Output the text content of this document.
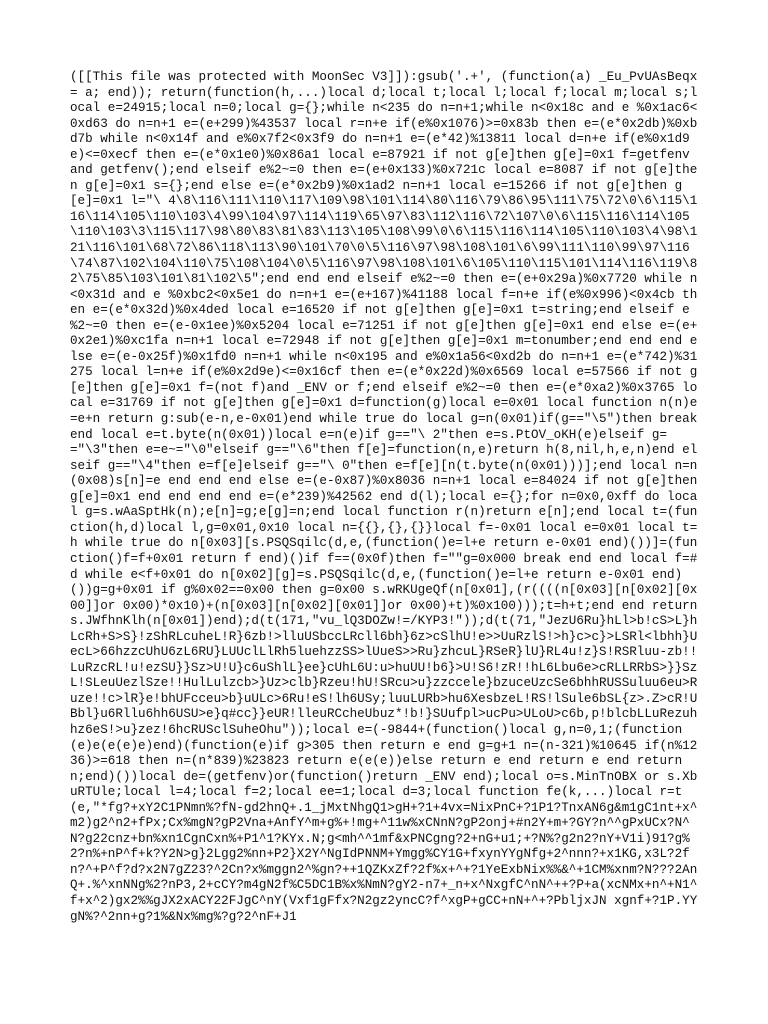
([[This file was protected with MoonSec V3]]):gsub('.+', (function(a) _Eu_PvUAsBeqx = a; end)); return(function(h,...)local d;local t;local l;local f;local m;local s;local e=24915;local n=0;local g={};while n<235 do n=n+1;while n<0x18c and e %0x1ac6<0xd63 do n=n+1 e=(e+299)%43537 local r=n+e if(e%0x1076)>=0x83b then e=(e*0x2db)%0xbd7b while n<0x14f and e%0x7f2<0x3f9 do n=n+1 e=(e*42)%13811 local d=n+e if(e%0x1d9e)<=0xecf then e=(e*0x1e0)%0x86a1 local e=87921 if not g[e]then g[e]=0x1 f=getfenv and getfenv();end elseif e%2~=0 then e=(e+0x133)%0x721c local e=8087 if not g[e]then g[e]=0x1 s={};end else e=(e*0x2b9)%0x1ad2 n=n+1 local e=15266 if not g[e]then g[e]=0x1 l="\ 4\8\116\111\110\117\109\98\101\114\80\116\79\86\95\111\75\72\0\6\115\116\114\105\110\103\4\99\104\97\114\119\65\97\83\112\116\72\107\0\6\115\116\114\105\110\103\3\115\117\98\80\83\81\83\113\105\108\99\0\6\115\116\114\105\110\103\4\98\121\116\101\68\72\86\118\113\90\101\70\0\5\116\97\98\108\101\6\99\111\110\99\97\116\74\87\102\104\110\75\108\104\0\5\116\97\98\108\101\6\105\110\115\101\114\116\119\82\75\85\103\101\81\102\5";end end end elseif e%2~=0 then e=(e+0x29a)%0x7720 while n<0x31d and e %0xbc2<0x5e1 do n=n+1 e=(e+167)%41188 local f=n+e if(e%0x996)<0x4cb then e=(e*0x32d)%0x4ded local e=16520 if not g[e]then g[e]=0x1 t=string;end elseif e %2~=0 then e=(e-0x1ee)%0x5204 local e=71251 if not g[e]then g[e]=0x1 end else e=(e+0x2e1)%0xc1fa n=n+1 local e=72948 if not g[e]then g[e]=0x1 m=tonumber;end end end else e=(e-0x25f)%0x1fd0 n=n+1 while n<0x195 and e%0x1a56<0xd2b do n=n+1 e=(e*742)%31275 local l=n+e if(e%0x2d9e)<=0x16cf then e=(e*0x22d)%0x6569 local e=57566 if not g[e]then g[e]=0x1 f=(not f)and _ENV or f;end elseif e%2~=0 then e=(e*0xa2)%0x3765 local e=31769 if not g[e]then g[e]=0x1 d=function(g)local e=0x01 local function n(n)e=e+n return g:sub(e-n,e-0x01)end while true do local g=n(0x01)if(g=="\5")then break end local e=t.byte(n(0x01))local e=n(e)if g=="\ 2"then e=s.PtOV_oKH(e)elseif g=="\3"then e=e~="\0"elseif g=="\6"then f[e]=function(n,e)return h(8,nil,h,e,n)end elseif g=="\4"then e=f[e]elseif g=="\ 0"then e=f[e][n(t.byte(n(0x01)))];end local n=n(0x08)s[n]=e end end end else e=(e-0x87)%0x8036 n=n+1 local e=84024 if not g[e]then g[e]=0x1 end end end end e=(e*239)%42562 end d(l);local e={};for n=0x0,0xff do local g=s.wAaSptHk(n);e[n]=g;e[g]=n;end local function r(n)return e[n];end local t=(function(h,d)local l,g=0x01,0x10 local n={{},{},{}}local f=-0x01 local e=0x01 local t=h while true do n[0x03][s.PSQSqilc(d,e,(function()e=l+e return e-0x01 end)())]=(function()f=f+0x01 return f end)()if f==(0x0f)then f=""g=0x000 break end end local f=#d while e<f+0x01 do n[0x02][g]=s.PSQSqilc(d,e,(function()e=l+e return e-0x01 end)())g=g+0x01 if g%0x02==0x00 then g=0x00 s.wRKUgeQf(n[0x01],(r((((n[0x03][n[0x02][0x00]]or 0x00)*0x10)+(n[0x03][n[0x02][0x01]]or 0x00)+t)%0x100)));t=h+t;end end return s.JWfhnKlh(n[0x01])end);d(t(171,"vu_lQ3DOZw!=/KYP3!"));d(t(71,"JezU6Ru}hLl>b!cS>L}hLcRh+S>S}!zShRLcuheL!R}6zb!>lluUSbccLRcll6bh}6z>cSlhU!e>>UuRzlS!>h}c>c}>LSRl<lbhh}UecL>66hzzcUhU6zL6RU}LUUclLlRh5luehzzSS>lUueS>>Ru}zhcuL}RSeR}lU}RL4u!z}S!RSRluu-zb!!LuRzcRL!u!ezSU}}Sz>U!U}c6uShlL}ee}cUhL6U:u>huUU!b6}>U!S6!zR!!hL6Lbu6e>cRLLRRbS>}}SzL!SLeuUezlSze!!HulLulzcb>}Uz>clb}Rzeu!hU!SRcu>u}zzccele}bzuceUzcSe6bhhRUSSuluu6eu>Ruze!!c>lR}e!bhUFcceu>b}uULc>6Ru!eS!lh6USy;luuLURb>hu6XesbzeL!RS!lSule6bSL{z>.Z>cR!UBbl}u6Rllu6hh6USU>e}q#cc}}eUR!lleuRCcheUbuz*!b!}SUufpl>ucPu>ULoU>c6b,p!blcbLLuRezuhhz6eS!>u}zez!6hcRUSclSuheOhu"));local e=(-9844+(function()local g,n=0,1;(function(e)e(e(e)e)end)(function(e)if g>305 then return e end g=g+1 n=(n-321)%10645 if(n%1236)>=618 then n=(n*839)%23823 return e(e(e))else return e end return e end return n;end)())local de=(getfenv)or(function()return _ENV end);local o=s.MinTnOBX or s.XbuRTUle;local l=4;local f=2;local ee=1;local d=3;local function fe(k,...)local r=t(e,"*fg?+xY2C1PNmn%?fN-gd2hnQ+.1_jMxtNhgQ1>gH+?1+4vx=NixPnC+?1P1?TnxAN6g&m1gC1nt+x^m2)g2^n2+fPx;Cx%mgN?gP2Vna+AnfY^m+g%+!mg+^11w%xCNnN?gP2onj+#n2Y+m+?GY?n^^gPxUCx?N^N?g22cnz+bn%xn1CgnCxn%+P1^1?KYx.N;g<mh^^1mf&xPNCgng?2+nG+u1;+?N%?g2n2?nY+V1i)91?g%2?n%+nP^f+k?Y2N>g}2Lgg2%nn+P2}X2Y^NgIdPNNM+Ymgg%CY1G+fxynYYgNfg+2^nnn?+x1KG,x3L?2fn?^+P^f?d?x2N7gZ23?^2Cn?x%mggn2^%gn?++1QZKxZf?2f%x+^+?1YeExbNix%%&^+1CM%xnm?N???2AnQ+.%^xnNNg%2?nP3,2+cCY?m4gN2f%C5DC1B%x%NmN?gY2-n7+_n+x^NxgfC^nN^++?P+a(xcNMx+n^+N1^f+x^2)gx2%%gJX2xACY22FJgC^nY(Vxf1gFfx?N2gz2yncC?f^xgP+gCC+nN+^+?PbljxJN xgnf+?1P.YYgN%?^2nn+g?1%&Nx%mg%?g?2^nF+J1
